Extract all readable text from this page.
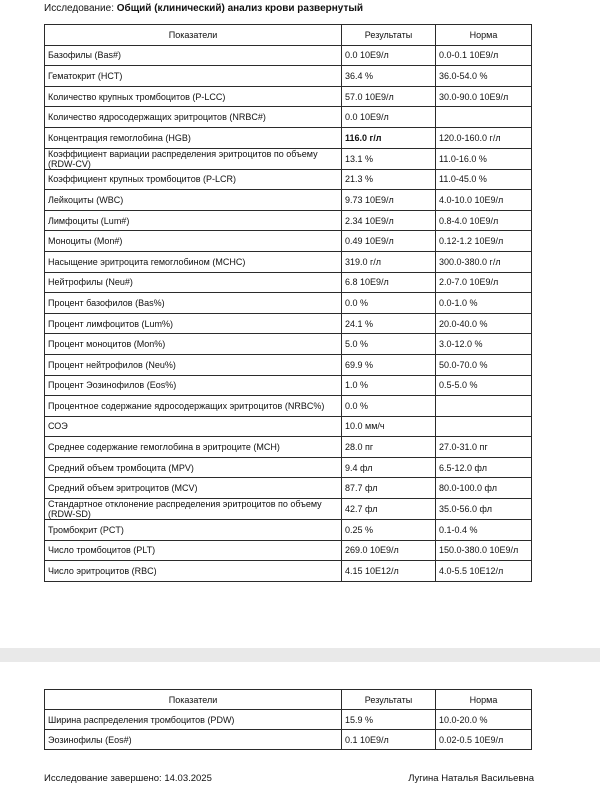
Исследование: Общий (клинический) анализ крови развернутый
Показатели	Результаты	Норма
Базофилы (Bas#)	0.0 10E9/л	0.0-0.1 10E9/л
Гематокрит (HCT)	36.4 %	36.0-54.0 %
Количество крупных тромбоцитов (P-LCC)	57.0 10E9/л	30.0-90.0 10E9/л
Количество ядросодержащих эритроцитов (NRBC#)	0.0 10E9/л	
Концентрация гемоглобина (HGB)	116.0 г/л	120.0-160.0 г/л
Коэффициент вариации распределения эритроцитов по объему (RDW-CV)	13.1 %	11.0-16.0 %
Коэффициент крупных тромбоцитов (P-LCR)	21.3 %	11.0-45.0 %
Лейкоциты (WBC)	9.73 10E9/л	4.0-10.0 10E9/л
Лимфоциты (Lum#)	2.34 10E9/л	0.8-4.0 10E9/л
Моноциты (Mon#)	0.49 10E9/л	0.12-1.2 10E9/л
Насыщение эритроцита гемоглобином (MCHC)	319.0 г/л	300.0-380.0 г/л
Нейтрофилы (Neu#)	6.8 10E9/л	2.0-7.0 10E9/л
Процент базофилов (Bas%)	0.0 %	0.0-1.0 %
Процент лимфоцитов (Lum%)	24.1 %	20.0-40.0 %
Процент моноцитов (Mon%)	5.0 %	3.0-12.0 %
Процент нейтрофилов (Neu%)	69.9 %	50.0-70.0 %
Процент Эозинофилов (Eos%)	1.0 %	0.5-5.0 %
Процентное содержание ядросодержащих эритроцитов (NRBC%)	0.0 %	
СОЭ	10.0 мм/ч	
Среднее содержание гемоглобина в эритроците (MCH)	28.0 пг	27.0-31.0 пг
Средний объем тромбоцита (MPV)	9.4 фл	6.5-12.0 фл
Средний объем эритроцитов (MCV)	87.7 фл	80.0-100.0 фл
Стандартное отклонение распределения эритроцитов по объему (RDW-SD)	42.7 фл	35.0-56.0 фл
Тромбокрит (PCT)	0.25 %	0.1-0.4 %
Число тромбоцитов (PLT)	269.0 10E9/л	150.0-380.0 10E9/л
Число эритроцитов (RBC)	4.15 10E12/л	4.0-5.5 10E12/л
Показатели	Результаты	Норма
Ширина распределения тромбоцитов (PDW)	15.9 %	10.0-20.0 %
Эозинофилы (Eos#)	0.1 10E9/л	0.02-0.5 10E9/л
Исследование завершено: 14.03.2025	Лугина Наталья Васильевна
